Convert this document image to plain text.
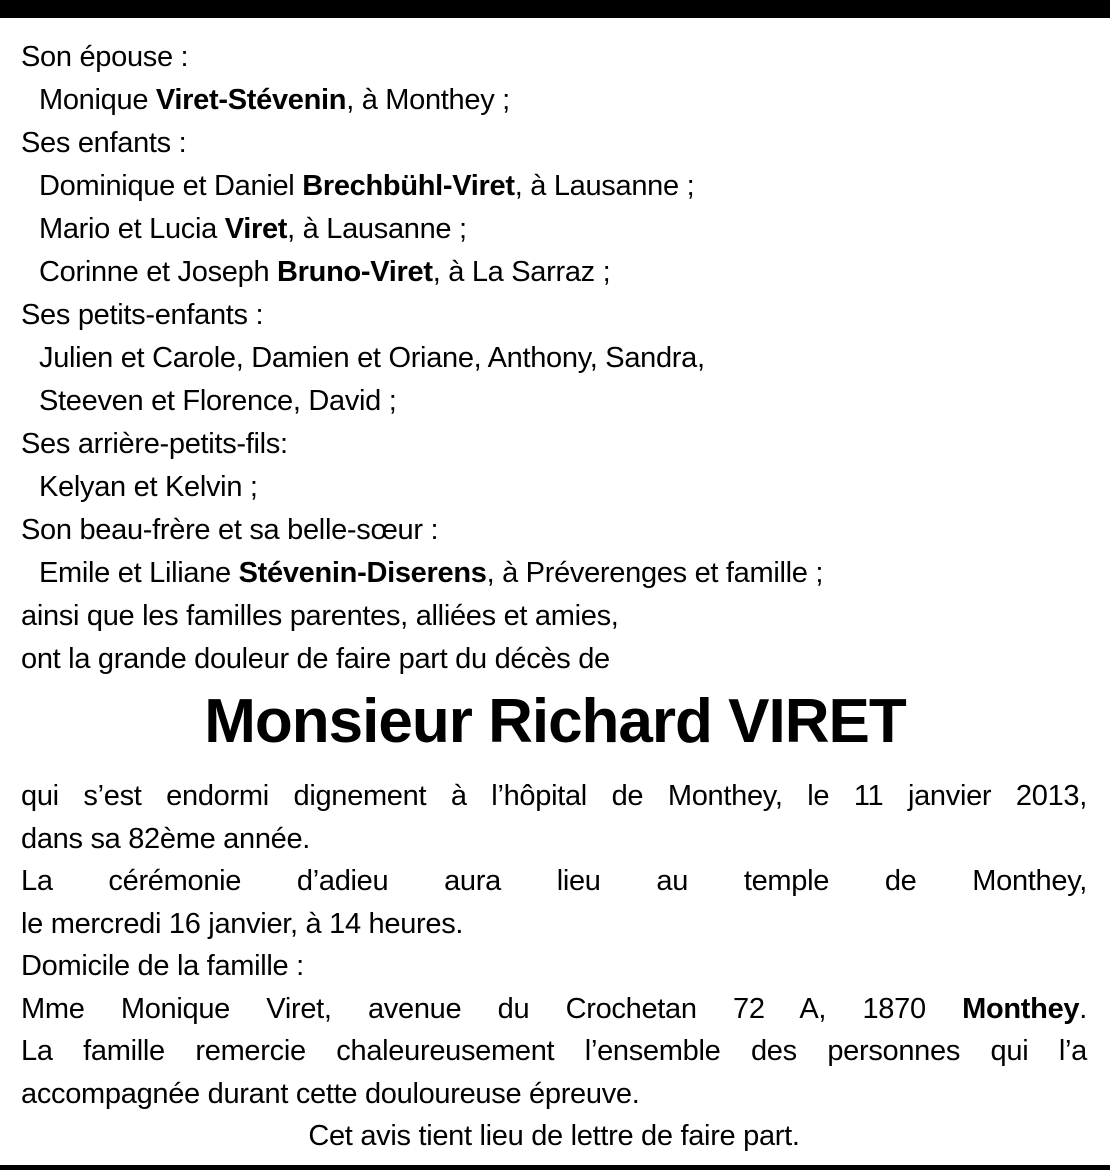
Son épouse :
Monique Viret-Stévenin, à Monthey ;
Ses enfants :
Dominique et Daniel Brechbühl-Viret, à Lausanne ;
Mario et Lucia Viret, à Lausanne ;
Corinne et Joseph Bruno-Viret, à La Sarraz ;
Ses petits-enfants :
Julien et Carole, Damien et Oriane, Anthony, Sandra,
Steeven et Florence, David ;
Ses arrière-petits-fils:
Kelyan et Kelvin ;
Son beau-frère et sa belle-sœur :
Emile et Liliane Stévenin-Diserens, à Préverenges et famille ;
ainsi que les familles parentes, alliées et amies,
ont la grande douleur de faire part du décès de
Monsieur Richard VIRET
qui s’est endormi dignement à l’hôpital de Monthey, le 11 janvier 2013,
dans sa 82ème année.
La cérémonie d’adieu aura lieu au temple de Monthey,
le mercredi 16 janvier, à 14 heures.
Domicile de la famille :
Mme Monique Viret, avenue du Crochetan 72 A, 1870 Monthey.
La famille remercie chaleureusement l’ensemble des personnes qui l’a
accompagnée durant cette douloureuse épreuve.
Cet avis tient lieu de lettre de faire part.
